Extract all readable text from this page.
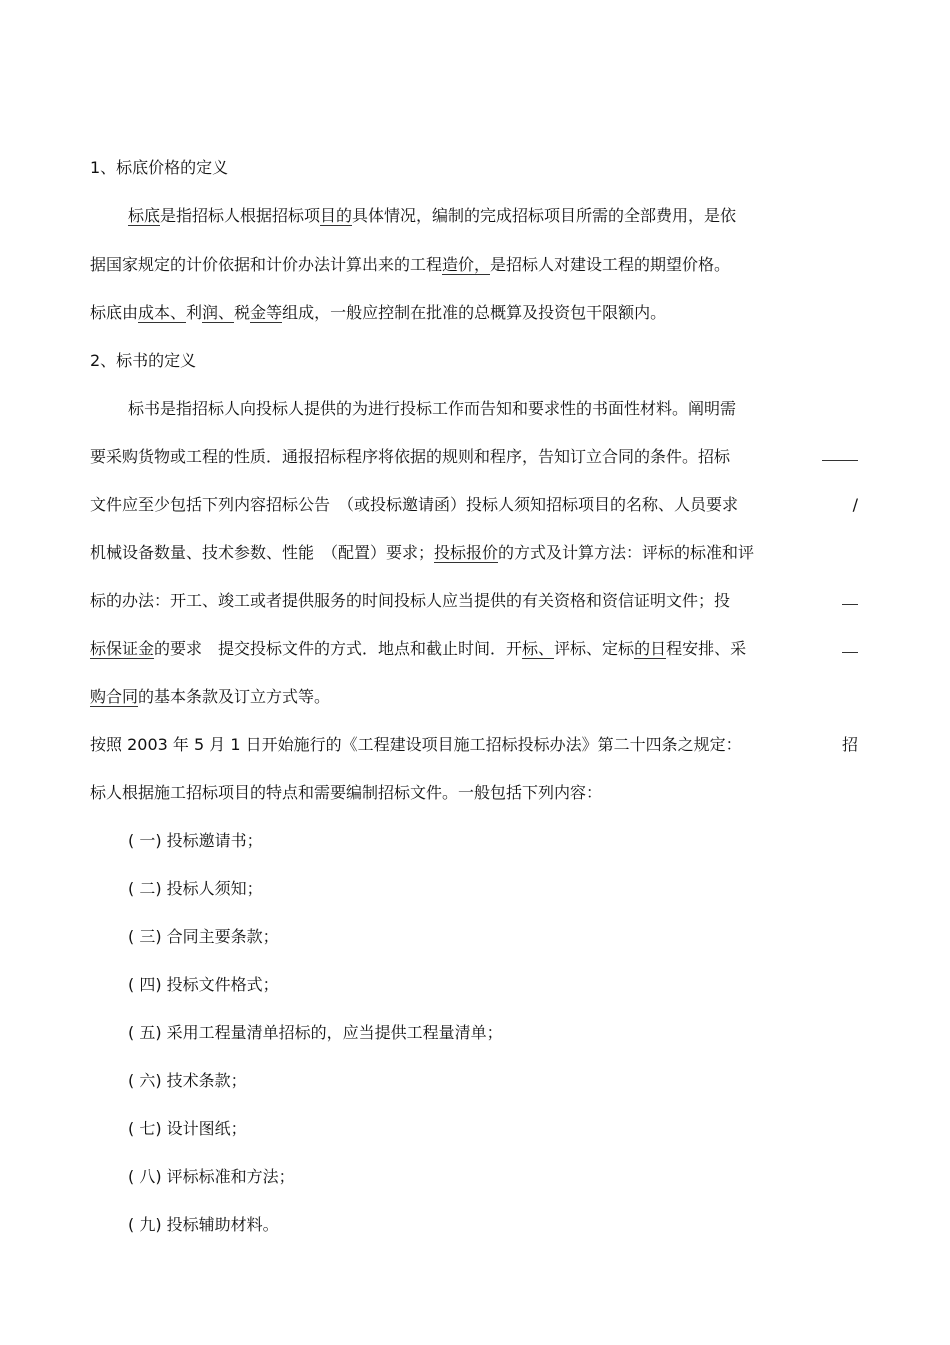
1、标底价格的定义
标底是指招标人根据招标项目的具体情况，编制的完成招标项目所需的全部费用，是依
据国家规定的计价依据和计价办法计算出来的工程造价，是招标人对建设工程的期望价格。
标底由成本、利润、税金等组成，一般应控制在批准的总概算及投资包干限额内。
2、标书的定义
标书是指招标人向投标人提供的为进行投标工作而告知和要求性的书面性材料。阐明需
要采购货物或工程的性质．通报招标程序将依据的规则和程序，告知订立合同的条件。招标
文件应至少包括下列内容招标公告　（或投标邀请函）投标人须知招标项目的名称、人员要求	/
机械设备数量、技术参数、性能　（配置）要求；投标报价的方式及计算方法：评标的标准和评
标的办法：开工、竣工或者提供服务的时间投标人应当提供的有关资格和资信证明文件；投
标保证金的要求　提交投标文件的方式．地点和截止时间．开标、评标、定标的日程安排、采
购合同的基本条款及订立方式等。
按照 2003 年 5 月 1 日开始施行的《工程建设项目施工招标投标办法》第二十四条之规定：	招
标人根据施工招标项目的特点和需要编制招标文件。一般包括下列内容：
( 一) 投标邀请书；
( 二) 投标人须知；
( 三) 合同主要条款；
( 四) 投标文件格式；
( 五) 采用工程量清单招标的，应当提供工程量清单；
( 六) 技术条款；
( 七) 设计图纸；
( 八) 评标标准和方法；
( 九) 投标辅助材料。
